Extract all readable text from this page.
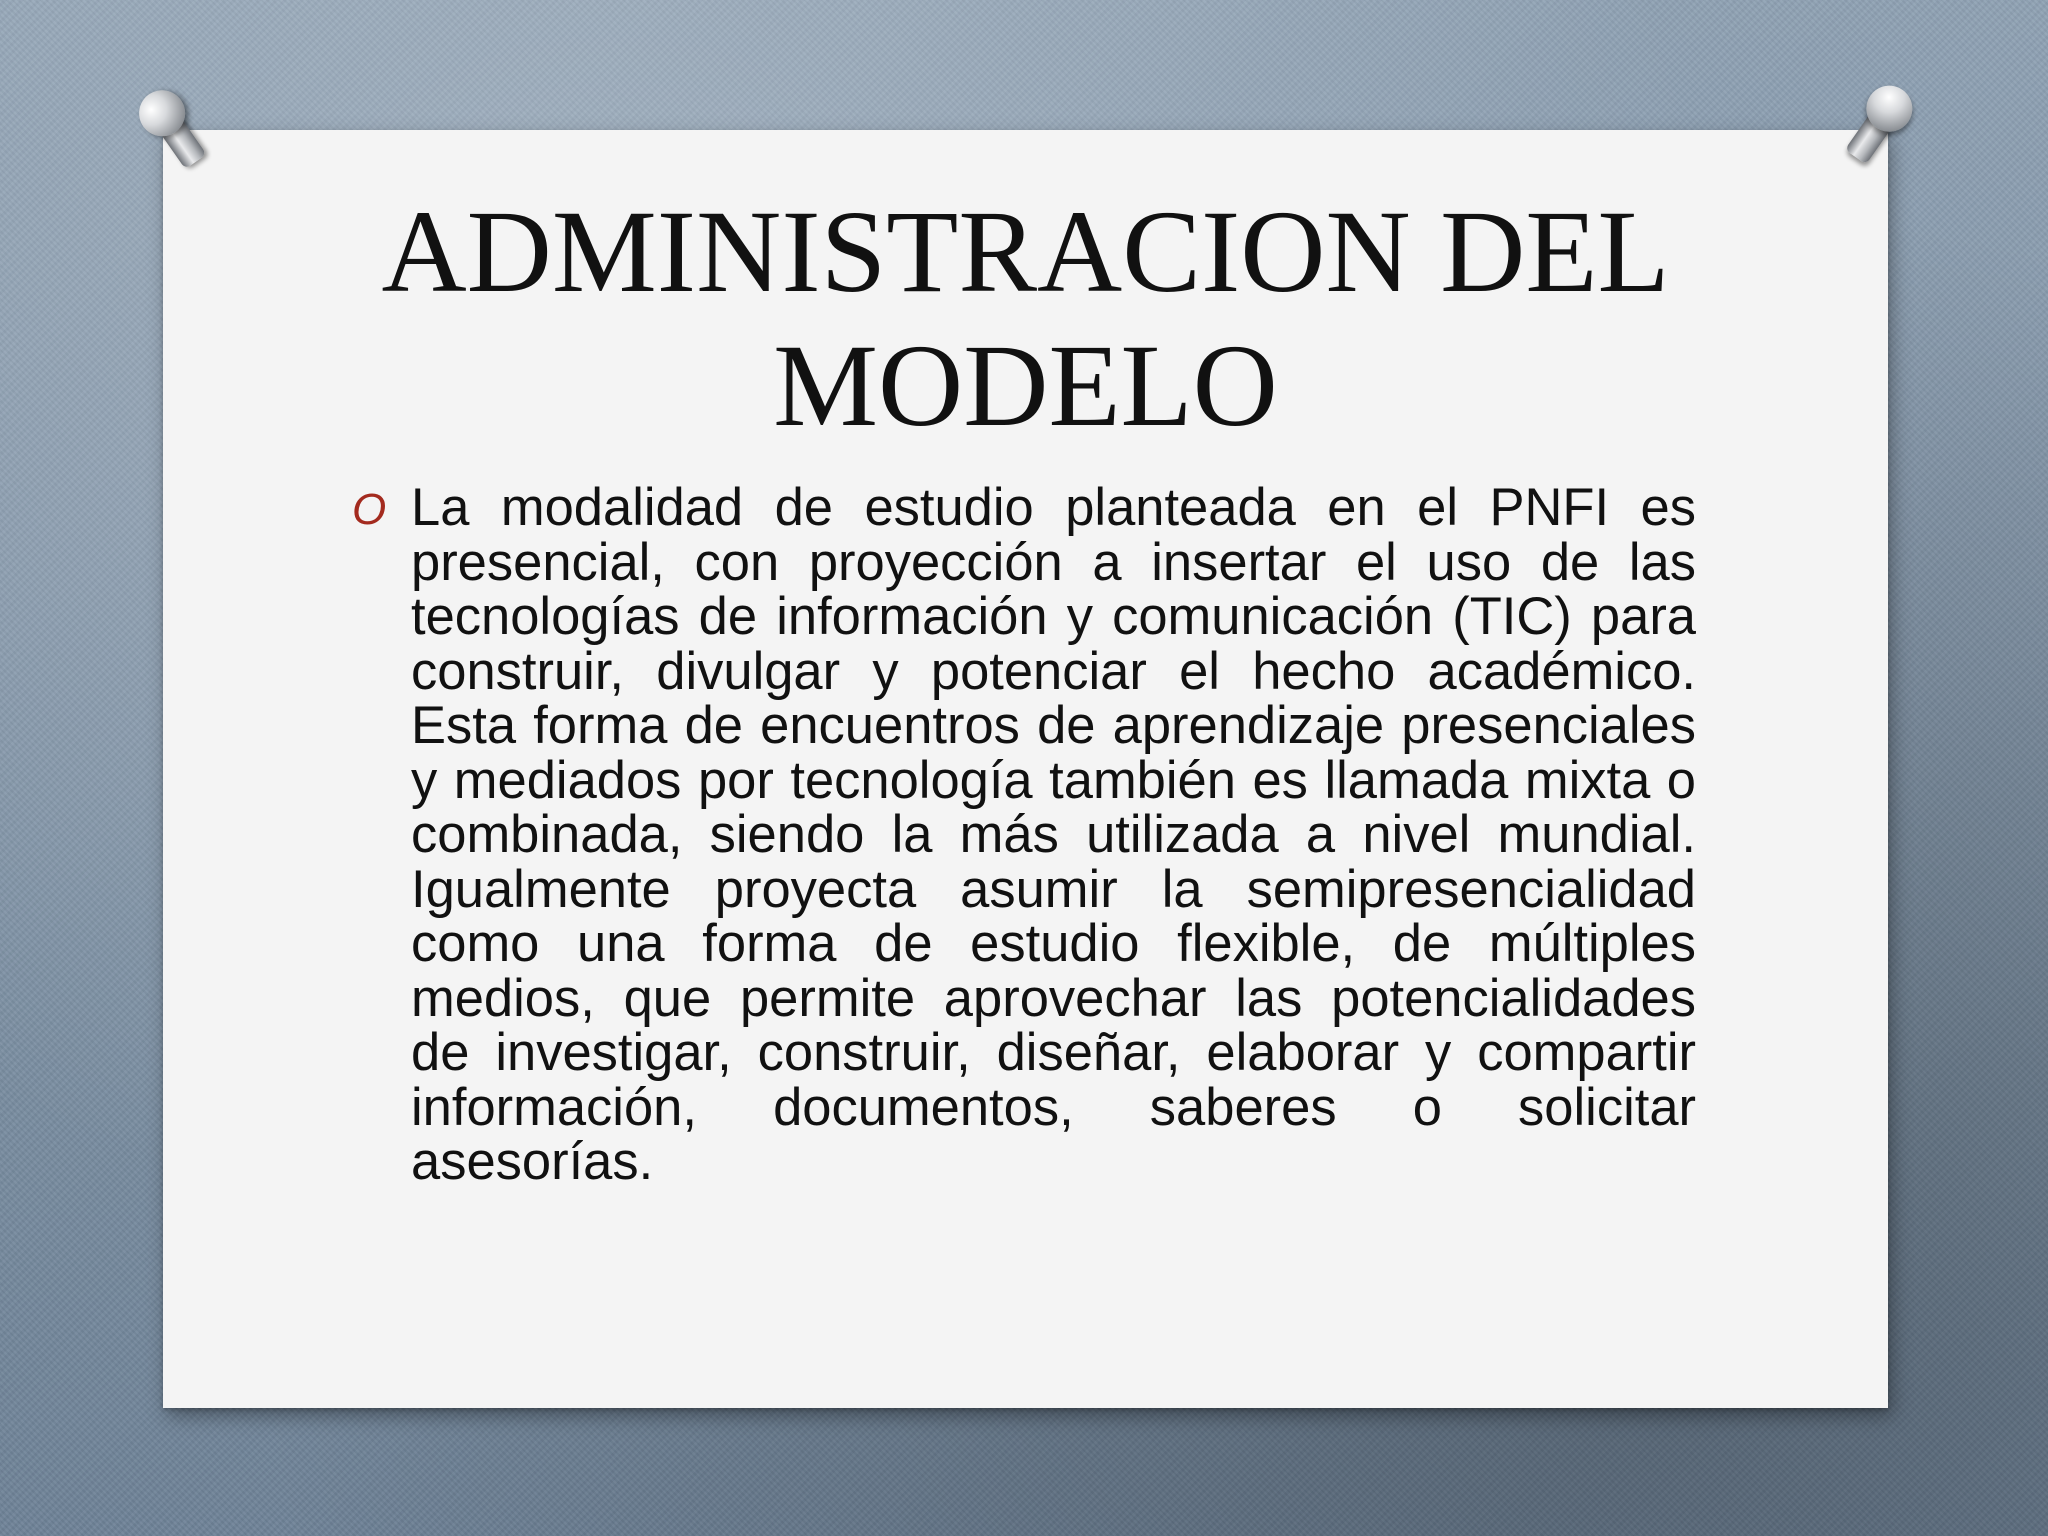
ADMINISTRACION DEL
MODELO
O La modalidad de estudio planteada en el PNFI es presencial, con proyección a insertar el uso de las tecnologías de información y comunicación (TIC) para construir, divulgar y potenciar el hecho académico. Esta forma de encuentros de aprendizaje presenciales y mediados por tecnología también es llamada mixta o combinada, siendo la más utilizada a nivel mundial. Igualmente proyecta asumir la semipresencialidad como una forma de estudio flexible, de múltiples medios, que permite aprovechar las potencialidades de investigar, construir, diseñar, elaborar y compartir información, documentos, saberes o solicitar asesorías.
